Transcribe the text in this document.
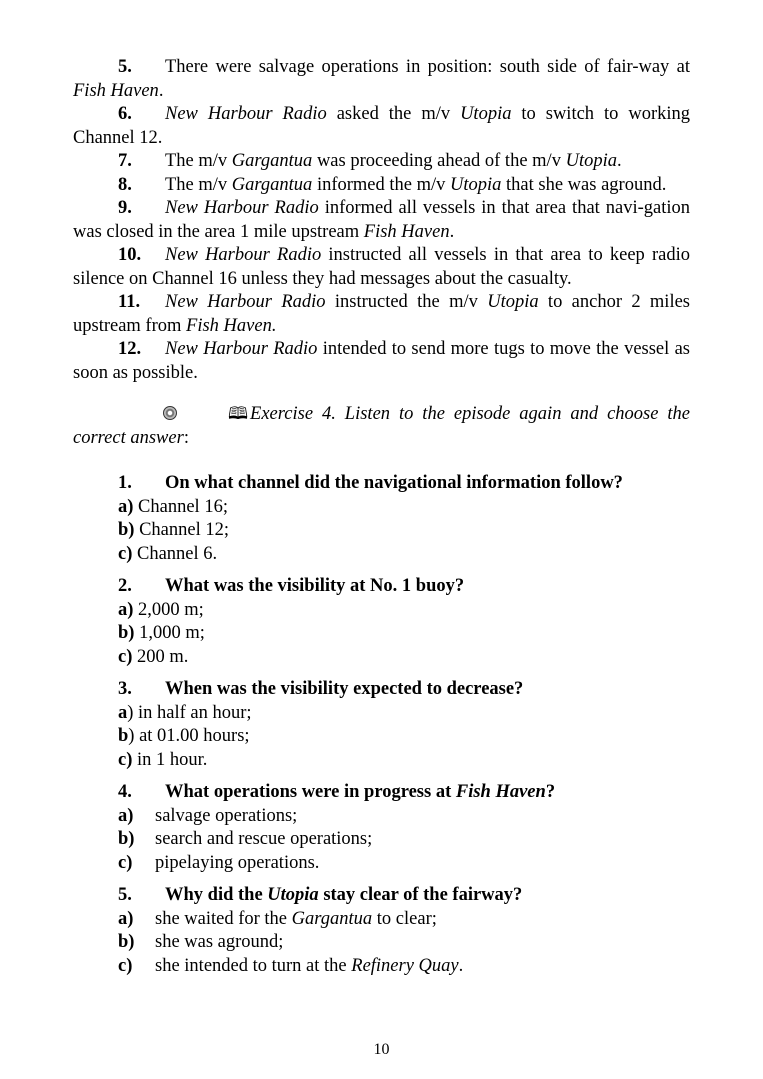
5. There were salvage operations in position: south side of fair-way at Fish Haven.

6. New Harbour Radio asked the m/v Utopia to switch to working Channel 12.

7. The m/v Gargantua was proceeding ahead of the m/v Utopia.

8. The m/v Gargantua informed the m/v Utopia that she was aground.

9. New Harbour Radio informed all vessels in that area that navi-gation was closed in the area 1 mile upstream Fish Haven.

10. New Harbour Radio instructed all vessels in that area to keep radio silence on Channel 16 unless they had messages about the casualty.

11. New Harbour Radio instructed the m/v Utopia to anchor 2 miles upstream from Fish Haven.

12. New Harbour Radio intended to send more tugs to move the vessel as soon as possible.

🕮 Exercise 4. Listen to the episode again and choose the correct answer:
1. On what channel did the navigational information follow?
a) Channel 16;
b) Channel 12;
c) Channel 6.
2. What was the visibility at No. 1 buoy?
a) 2,000 m;
b) 1,000 m;
c) 200 m.
3. When was the visibility expected to decrease?
a) in half an hour;
b) at 01.00 hours;
c) in 1 hour.
4. What operations were in progress at Fish Haven?
a) salvage operations;
b) search and rescue operations;
c) pipelaying operations.
5. Why did the Utopia stay clear of the fairway?
a) she waited for the Gargantua to clear;
b) she was aground;
c) she intended to turn at the Refinery Quay.
10
